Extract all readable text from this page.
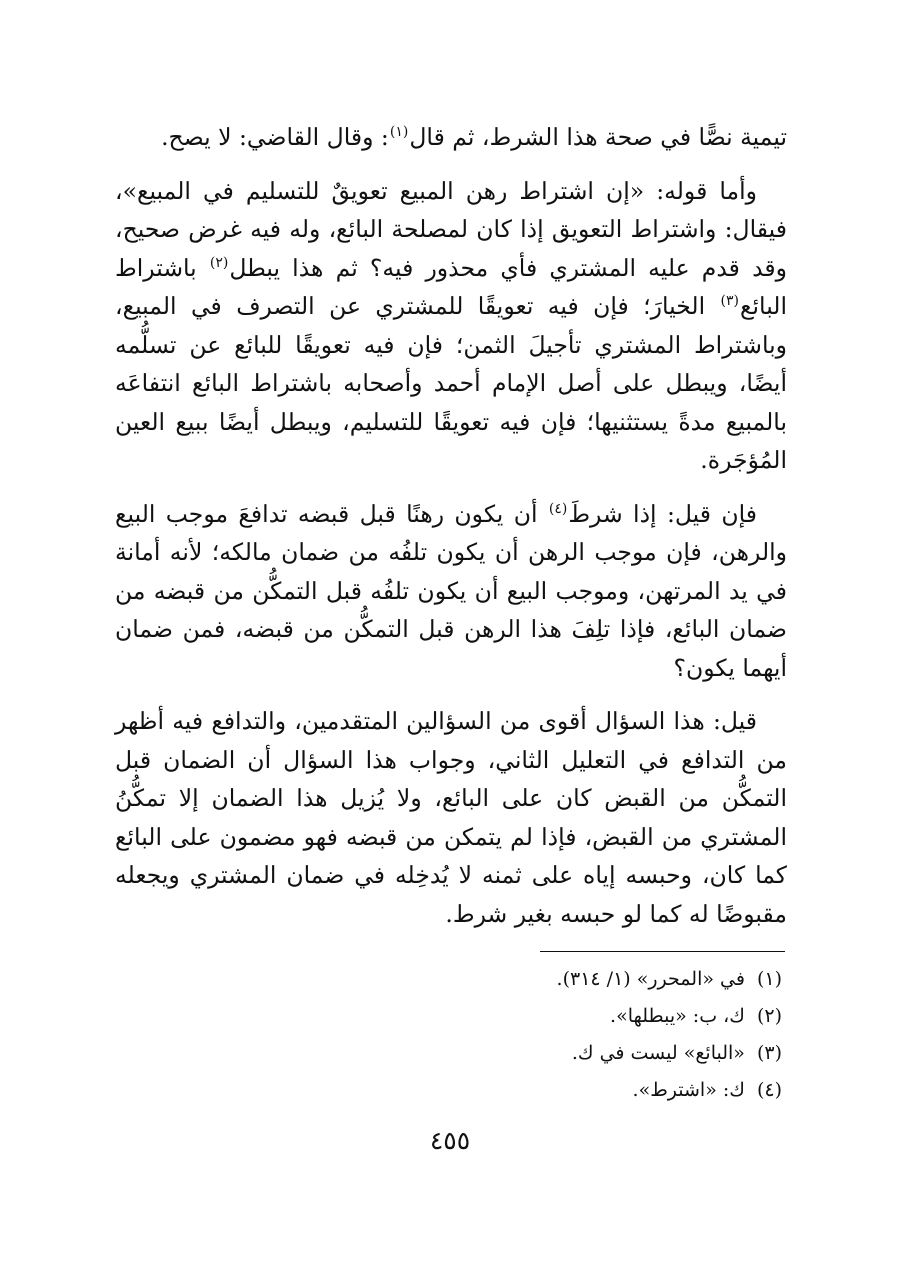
تيمية نصًّا في صحة هذا الشرط، ثم قال$^{(١)}$: وقال القاضي: لا يصح.

وأما قوله: «إن اشتراط رهن المبيع تعويقٌ للتسليم في المبيع»، فيقال: واشتراط التعويق إذا كان لمصلحة البائع، وله فيه غرض صحيح، وقد قدم عليه المشتري فأي محذور فيه؟ ثم هذا يبطل$^{(٢)}$ باشتراط البائع$^{(٣)}$ الخيارَ؛ فإن فيه تعويقًا للمشتري عن التصرف في المبيع، وباشتراط المشتري تأجيلَ الثمن؛ فإن فيه تعويقًا للبائع عن تسلُّمه أيضًا، ويبطل على أصل الإمام أحمد وأصحابه باشتراط البائع انتفاعَه بالمبيع مدةً يستثنيها؛ فإن فيه تعويقًا للتسليم، ويبطل أيضًا ببيع العين المُؤجَرة.

فإن قيل: إذا شرطَ$^{(٤)}$ أن يكون رهنًا قبل قبضه تدافعَ موجب البيع والرهن، فإن موجب الرهن أن يكون تلفُه من ضمان مالكه؛ لأنه أمانة في يد المرتهن، وموجب البيع أن يكون تلفُه قبل التمكُّن من قبضه من ضمان البائع، فإذا تلِفَ هذا الرهن قبل التمكُّن من قبضه، فمن ضمان أيهما يكون؟

قيل: هذا السؤال أقوى من السؤالين المتقدمين، والتدافع فيه أظهر من التدافع في التعليل الثاني، وجواب هذا السؤال أن الضمان قبل التمكُّن من القبض كان على البائع، ولا يُزيل هذا الضمان إلا تمكُّنُ المشتري من القبض، فإذا لم يتمكن من قبضه فهو مضمون على البائع كما كان، وحبسه إياه على ثمنه لا يُدخِله في ضمان المشتري ويجعله مقبوضًا له كما لو حبسه بغير شرط.

(١)في «المحرر» (١/ ٣١٤).
(٢)ك، ب: «يبطلها».
(٣)«البائع» ليست في ك.
(٤)ك: «اشترط».
٤٥٥
